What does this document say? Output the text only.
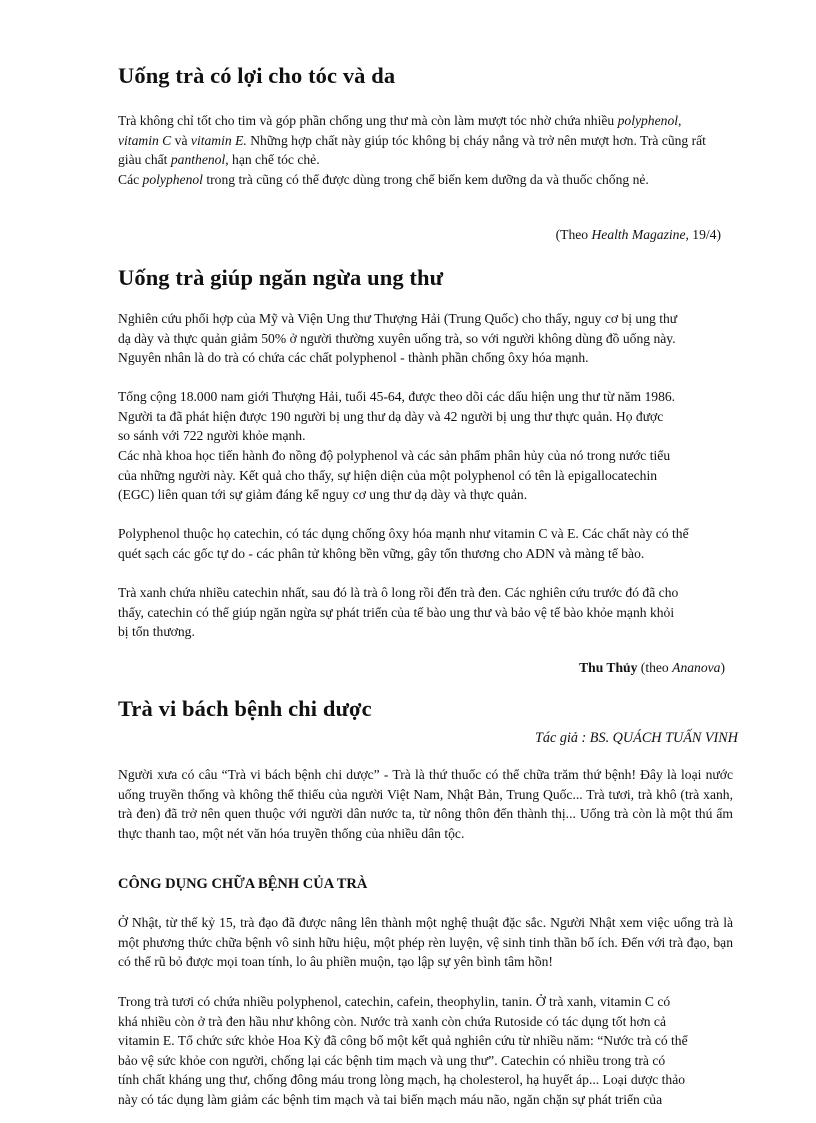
Uống trà có lợi cho tóc và da

Trà không chỉ tốt cho tim và góp phần chống ung thư mà còn làm mượt tóc nhờ chứa nhiều polyphenol, vitamin C và vitamin E. Những hợp chất này giúp tóc không bị cháy nắng và trở nên mượt hơn. Trà cũng rất giàu chất panthenol, hạn chế tóc chẻ.

Các polyphenol trong trà cũng có thể được dùng trong chế biến kem dưỡng da và thuốc chống nẻ.

(Theo Health Magazine, 19/4)

Uống trà giúp ngăn ngừa ung thư

Nghiên cứu phối hợp của Mỹ và Viện Ung thư Thượng Hải (Trung Quốc) cho thấy, nguy cơ bị ung thư dạ dày và thực quản giảm 50% ở người thường xuyên uống trà, so với người không dùng đồ uống này. Nguyên nhân là do trà có chứa các chất polyphenol - thành phần chống ôxy hóa mạnh.

Tổng cộng 18.000 nam giới Thượng Hải, tuổi 45-64, được theo dõi các dấu hiện ung thư từ năm 1986. Người ta đã phát hiện được 190 người bị ung thư dạ dày và 42 người bị ung thư thực quản. Họ được so sánh với 722 người khỏe mạnh.

Các nhà khoa học tiến hành đo nồng độ polyphenol và các sản phẩm phân hủy của nó trong nước tiểu của những người này. Kết quả cho thấy, sự hiện diện của một polyphenol có tên là epigallocatechin (EGC) liên quan tới sự giảm đáng kể nguy cơ ung thư dạ dày và thực quản.

Polyphenol thuộc họ catechin, có tác dụng chống ôxy hóa mạnh như vitamin C và E. Các chất này có thể quét sạch các gốc tự do - các phân tử không bền vững, gây tổn thương cho ADN và màng tế bào.

Trà xanh chứa nhiều catechin nhất, sau đó là trà ô long rồi đến trà đen. Các nghiên cứu trước đó đã cho thấy, catechin có thể giúp ngăn ngừa sự phát triển của tế bào ung thư và bảo vệ tế bào khỏe mạnh khỏi bị tổn thương.

Thu Thủy (theo Ananova)

Trà vi bách bệnh chi dược

Tác giả : BS. QUÁCH TUẤN VINH

Người xưa có câu “Trà vi bách bệnh chi dược” - Trà là thứ thuốc có thể chữa trăm thứ bệnh! Đây là loại nước uống truyền thống và không thể thiếu của người Việt Nam, Nhật Bản, Trung Quốc... Trà tươi, trà khô (trà xanh, trà đen) đã trở nên quen thuộc với người dân nước ta, từ nông thôn đến thành thị... Uống trà còn là một thú ẩm thực thanh tao, một nét văn hóa truyền thống của nhiều dân tộc.

CÔNG DỤNG CHỮA BỆNH CỦA TRÀ

Ở Nhật, từ thế kỷ 15, trà đạo đã được nâng lên thành một nghệ thuật đặc sắc. Người Nhật xem việc uống trà là một phương thức chữa bệnh vô sinh hữu hiệu, một phép rèn luyện, vệ sinh tinh thần bổ ích. Đến với trà đạo, bạn có thể rũ bỏ được mọi toan tính, lo âu phiền muộn, tạo lập sự yên bình tâm hồn!

Trong trà tươi có chứa nhiều polyphenol, catechin, cafein, theophylin, tanin. Ở trà xanh, vitamin C có khá nhiều còn ở trà đen hầu như không còn. Nước trà xanh còn chứa Rutoside có tác dụng tốt hơn cả vitamin E. Tổ chức sức khỏe Hoa Kỳ đã công bố một kết quả nghiên cứu từ nhiều năm: “Nước trà có thể bảo vệ sức khỏe con người, chống lại các bệnh tim mạch và ung thư”. Catechin có nhiều trong trà có tính chất kháng ung thư, chống đông máu trong lòng mạch, hạ cholesterol, hạ huyết áp... Loại dược thảo này có tác dụng làm giảm các bệnh tim mạch và tai biến mạch máu não, ngăn chặn sự phát triển của
